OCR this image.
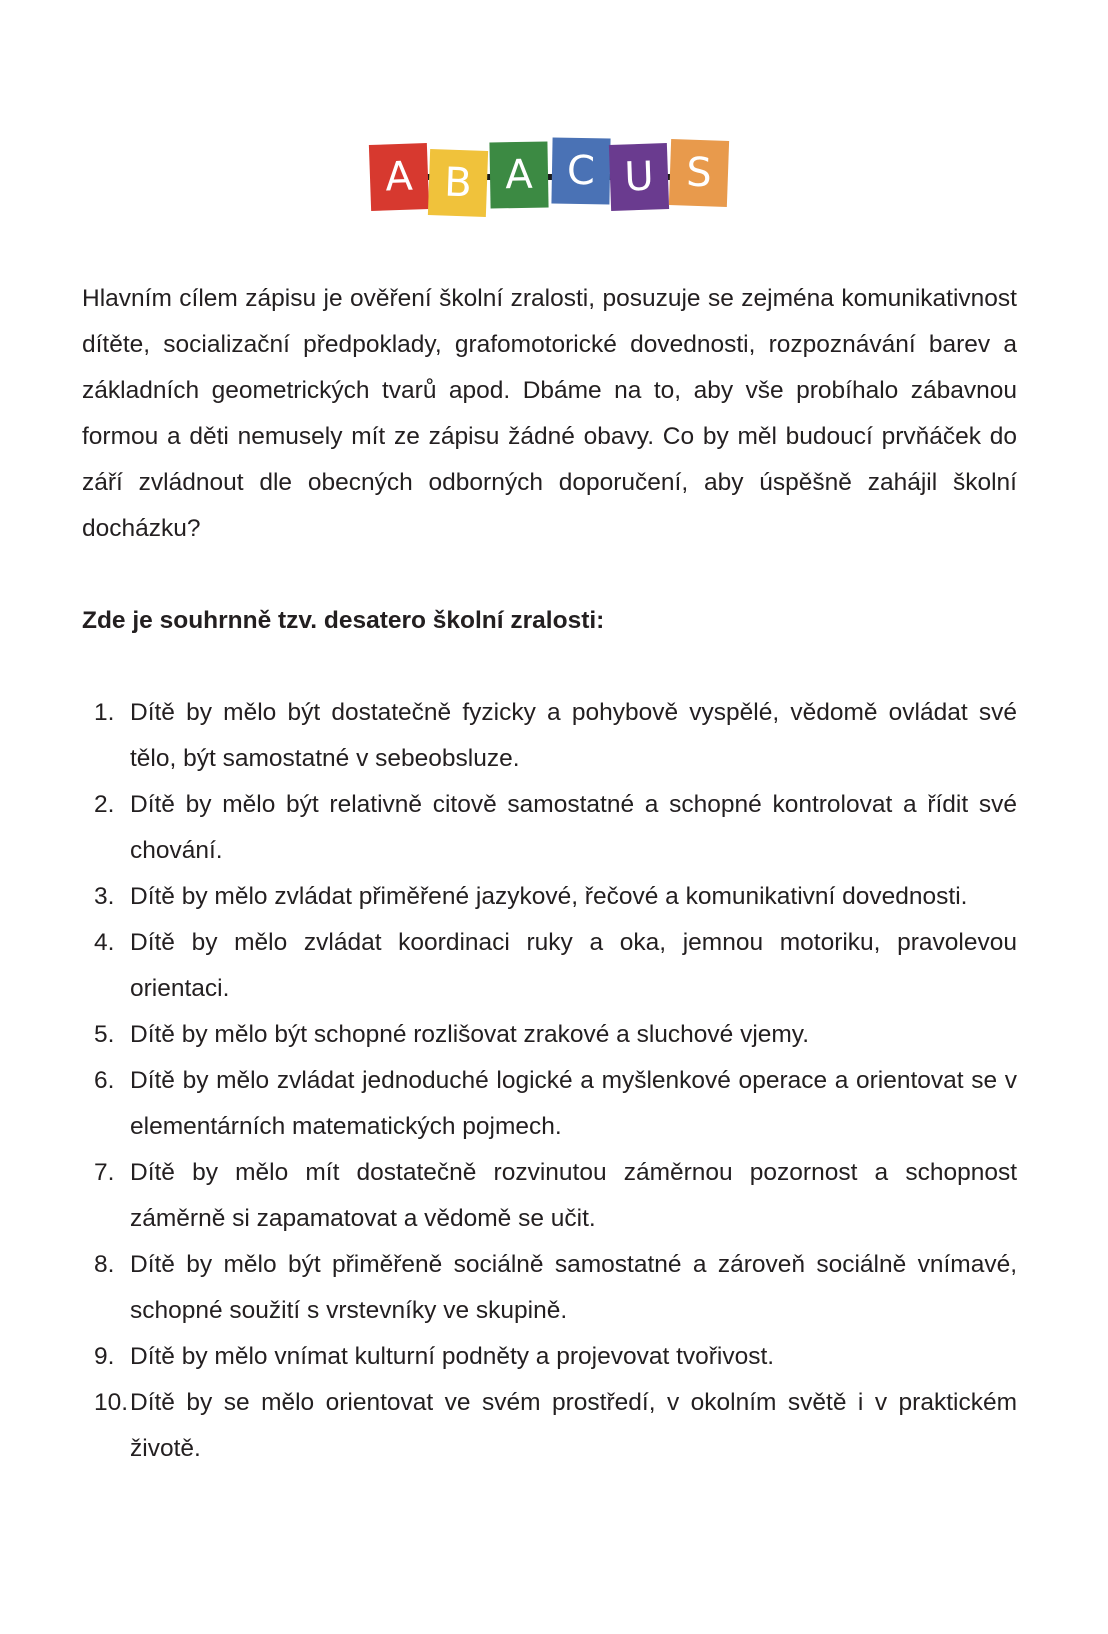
A B A C U S

Hlavním cílem zápisu je ověření školní zralosti, posuzuje se zejména komunikativnost dítěte, socializační předpoklady, grafomotorické dovednosti, rozpoznávání barev a základních geometrických tvarů apod. Dbáme na to, aby vše probíhalo zábavnou formou a děti nemusely mít ze zápisu žádné obavy. Co by měl budoucí prvňáček do září zvládnout dle obecných odborných doporučení, aby úspěšně zahájil školní docházku?

Zde je souhrnně tzv. desatero školní zralosti:

1. Dítě by mělo být dostatečně fyzicky a pohybově vyspělé, vědomě ovládat své tělo, být samostatné v sebeobsluze.
2. Dítě by mělo být relativně citově samostatné a schopné kontrolovat a řídit své chování.
3. Dítě by mělo zvládat přiměřené jazykové, řečové a komunikativní dovednosti.
4. Dítě by mělo zvládat koordinaci ruky a oka, jemnou motoriku, pravolevou orientaci.
5. Dítě by mělo být schopné rozlišovat zrakové a sluchové vjemy.
6. Dítě by mělo zvládat jednoduché logické a myšlenkové operace a orientovat se v elementárních matematických pojmech.
7. Dítě by mělo mít dostatečně rozvinutou záměrnou pozornost a schopnost záměrně si zapamatovat a vědomě se učit.
8. Dítě by mělo být přiměřeně sociálně samostatné a zároveň sociálně vnímavé, schopné soužití s vrstevníky ve skupině.
9. Dítě by mělo vnímat kulturní podněty a projevovat tvořivost.
10. Dítě by se mělo orientovat ve svém prostředí, v okolním světě i v praktickém životě.
